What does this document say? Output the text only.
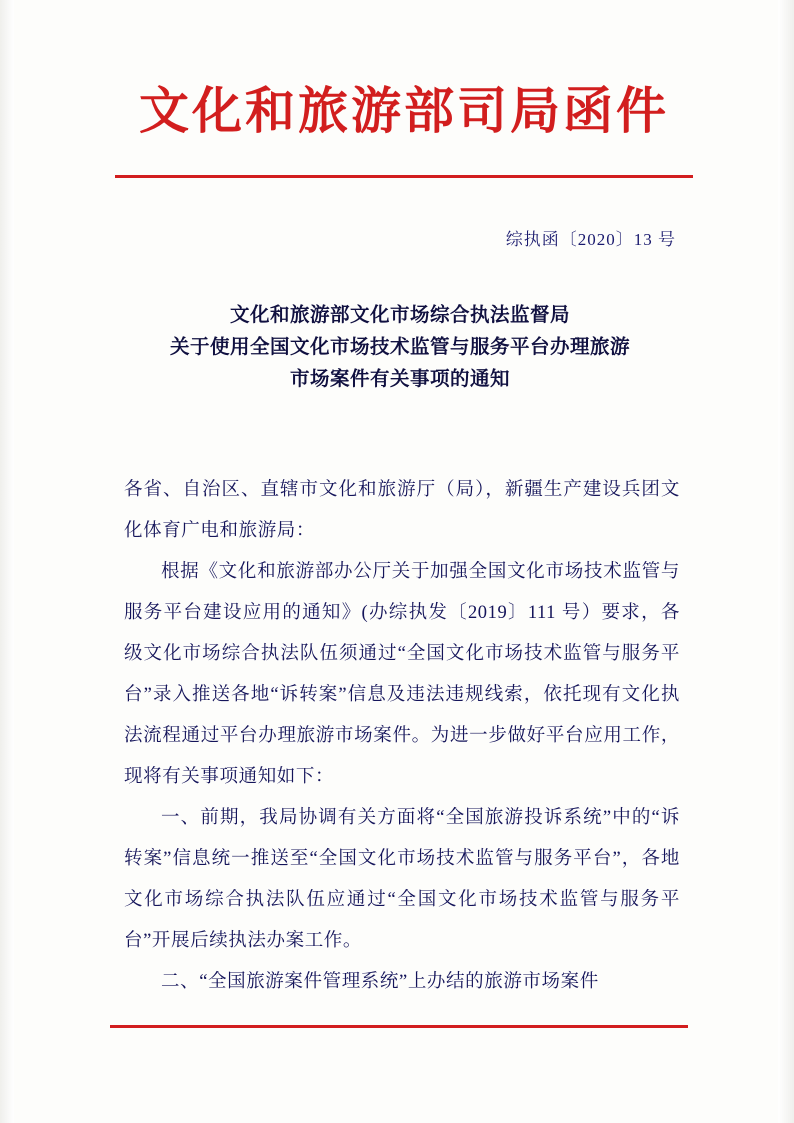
文化和旅游部司局函件
综执函〔2020〕13 号
文化和旅游部文化市场综合执法监督局
关于使用全国文化市场技术监管与服务平台办理旅游
市场案件有关事项的通知

各省、自治区、直辖市文化和旅游厅（局），新疆生产建设兵团文化体育广电和旅游局：

根据《文化和旅游部办公厅关于加强全国文化市场技术监管与服务平台建设应用的通知》(办综执发〔2019〕111 号）要求，各级文化市场综合执法队伍须通过“全国文化市场技术监管与服务平台”录入推送各地“诉转案”信息及违法违规线索，依托现有文化执法流程通过平台办理旅游市场案件。为进一步做好平台应用工作，现将有关事项通知如下：

一、前期，我局协调有关方面将“全国旅游投诉系统”中的“诉转案”信息统一推送至“全国文化市场技术监管与服务平台”，各地文化市场综合执法队伍应通过“全国文化市场技术监管与服务平台”开展后续执法办案工作。

二、“全国旅游案件管理系统”上办结的旅游市场案件
